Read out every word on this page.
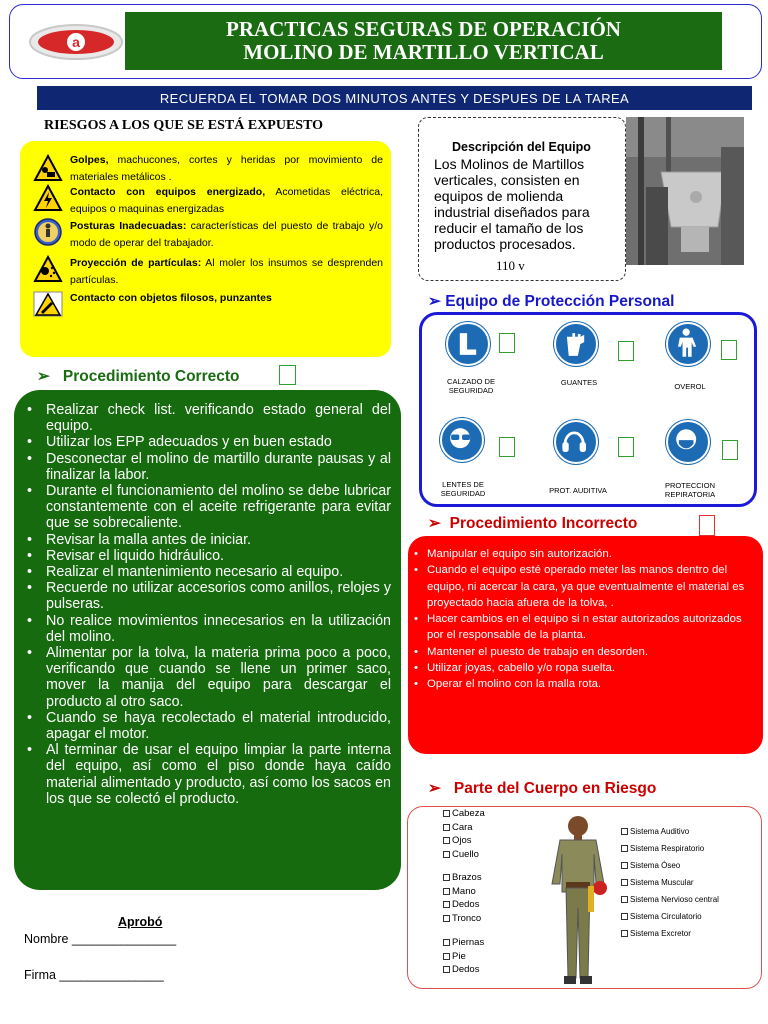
a
PRACTICAS SEGURAS DE OPERACIÓN
MOLINO DE MARTILLO VERTICAL
RECUERDA EL TOMAR DOS MINUTOS ANTES Y DESPUES DE LA TAREA
RIESGOS A LOS QUE SE ESTÁ EXPUESTO
Golpes, machucones, cortes y heridas por movimiento de materiales metálicos .
Contacto con equipos energizado, Acometidas eléctrica, equipos o maquinas energizadas
Posturas Inadecuadas: características del puesto de trabajo y/o modo de operar del trabajador.
Proyección de partículas: Al moler los insumos se desprenden partículas.
Contacto con objetos filosos, punzantes
Descripción del Equipo
Los Molinos de Martillos verticales, consisten en equipos de molienda industrial diseñados para reducir el tamaño de los productos procesados.
110 v
➢ Equipo de Protección Personal
CALZADO DE SEGURIDAD
GUANTES	OVEROL
LENTES DE SEGURIDAD	PROT. AUDITIVA
PROTECCION REPIRATORIA
➢   Procedimiento Correcto
• Realizar check list. verificando estado general del equipo.
• Utilizar los EPP adecuados y en buen estado
• Desconectar el molino de martillo durante pausas y al finalizar la labor.
• Durante el funcionamiento del molino se debe lubricar constantemente con el aceite refrigerante para evitar que se sobrecaliente.
• Revisar la malla antes de iniciar.
• Revisar el liquido hidráulico.
• Realizar el mantenimiento necesario al equipo.
• Recuerde no utilizar accesorios como anillos, relojes y pulseras.
• No realice movimientos innecesarios en la utilización del molino.
• Alimentar por la tolva, la materia prima poco a poco, verificando que cuando se llene un primer saco, mover la manija del equipo para descargar el producto al otro saco.
• Cuando se haya recolectado el material introducido, apagar el motor.
• Al terminar de usar el equipo limpiar la parte interna del equipo, así como el piso donde haya caído material alimentado y producto, así como los sacos en los que se colectó el producto.
➢  Procedimiento Incorrecto
• Manipular el equipo sin autorización.
• Cuando el equipo esté operado meter las manos dentro del equipo, ni acercar la cara, ya que eventualmente el material es proyectado hacia afuera de la tolva, .
• Hacer cambios en el equipo si n estar autorizados autorizados por el responsable de la planta.
• Mantener el puesto de trabajo en desorden.
• Utilizar joyas, cabello y/o ropa suelta.
• Operar el molino con la malla rota.
➢   Parte del Cuerpo en Riesgo
Cabeza
Cara
Ojos
Cuello
Brazos
Mano
Dedos
Tronco
Piernas
Pie
Dedos
Sistema Auditivo
Sistema Respiratorio
Sistema Óseo
Sistema Muscular
Sistema Nervioso central
Sistema Circulatorio
Sistema Excretor
Aprobó
Nombre _______________
Firma _______________
